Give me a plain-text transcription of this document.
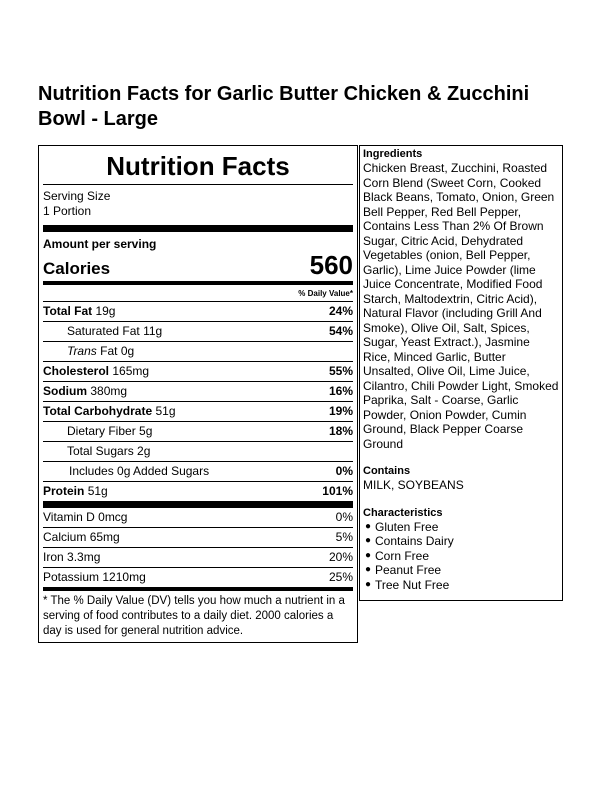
Nutrition Facts for Garlic Butter Chicken & Zucchini Bowl - Large
Nutrition Facts
Serving Size
1 Portion
Amount per serving
Calories	560
% Daily Value*
Total Fat 19g	24%
Saturated Fat 11g	54%
Trans Fat 0g
Cholesterol 165mg	55%
Sodium 380mg	16%
Total Carbohydrate 51g	19%
Dietary Fiber 5g	18%
Total Sugars 2g
Includes 0g Added Sugars	0%
Protein 51g	101%
Vitamin D 0mcg	0%
Calcium 65mg	5%
Iron 3.3mg	20%
Potassium 1210mg	25%
* The % Daily Value (DV) tells you how much a nutrient in a serving of food contributes to a daily diet. 2000 calories a day is used for general nutrition advice.
Ingredients

Chicken Breast, Zucchini, Roasted Corn Blend (Sweet Corn, Cooked Black Beans, Tomato, Onion, Green Bell Pepper, Red Bell Pepper, Contains Less Than 2% Of Brown Sugar, Citric Acid, Dehydrated Vegetables (onion, Bell Pepper, Garlic), Lime Juice Powder (lime Juice Concentrate, Modified Food Starch, Maltodextrin, Citric Acid), Natural Flavor (including Grill And Smoke), Olive Oil, Salt, Spices, Sugar, Yeast Extract.), Jasmine Rice, Minced Garlic, Butter Unsalted, Olive Oil, Lime Juice, Cilantro, Chili Powder Light, Smoked Paprika, Salt - Coarse, Garlic Powder, Onion Powder, Cumin Ground, Black Pepper Coarse Ground

Contains

MILK, SOYBEANS

Characteristics
● Gluten Free
● Contains Dairy
● Corn Free
● Peanut Free
● Tree Nut Free
